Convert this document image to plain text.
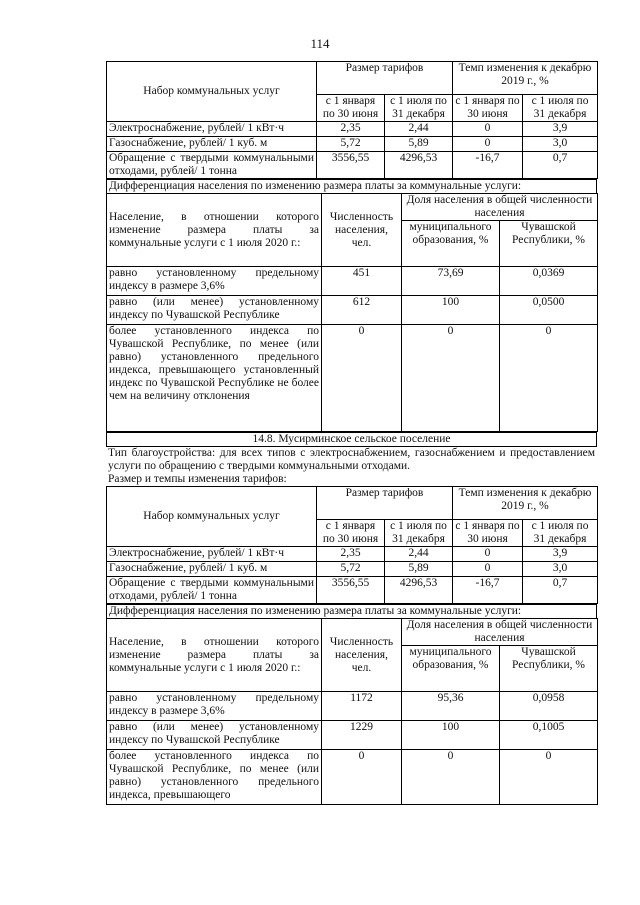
114
Набор коммунальных услуг	Размер тарифов		Темп изменения к декабрю 2019 г., %	
	с 1 января по 30 июня	с 1 июля по 31 декабря	с 1 января по 30 июня	с 1 июля по 31 декабря
Электроснабжение, рублей/ 1 кВт·ч	2,35	2,44	0	3,9
Газоснабжение, рублей/ 1 куб. м	5,72	5,89	0	3,0
Обращение с твердыми коммунальными отходами, рублей/ 1 тонна	3556,55	4296,53	-16,7	0,7
Дифференциация населения по изменению размера платы за коммунальные услуги:
Население, в отношении которого изменение размера платы за коммунальные услуги с 1 июля 2020 г.:	Численность населения, чел.	Доля населения в общей численности населения	
		муниципального образования, %	Чувашской Республики, %
равно установленному предельному индексу в размере 3,6%	451	73,69	0,0369
равно (или менее) установленному индексу по Чувашской Республике	612	100	0,0500
более установленного индекса по Чувашской Республике, по менее (или равно) установленного предельного индекса, превышающего установленный индекс по Чувашской Республике не более чем на величину отклонения	0	0	0
14.8. Мусирминское сельское поселение
Тип благоустройства: для всех типов с электроснабжением, газоснабжением и предоставлением услуги по обращению с твердыми коммунальными отходами.
Размер и темпы изменения тарифов:
Набор коммунальных услуг	Размер тарифов		Темп изменения к декабрю 2019 г., %	
	с 1 января по 30 июня	с 1 июля по 31 декабря	с 1 января по 30 июня	с 1 июля по 31 декабря
Электроснабжение, рублей/ 1 кВт·ч	2,35	2,44	0	3,9
Газоснабжение, рублей/ 1 куб. м	5,72	5,89	0	3,0
Обращение с твердыми коммунальными отходами, рублей/ 1 тонна	3556,55	4296,53	-16,7	0,7
Дифференциация населения по изменению размера платы за коммунальные услуги:
Население, в отношении которого изменение размера платы за коммунальные услуги с 1 июля 2020 г.:	Численность населения, чел.	Доля населения в общей численности населения	
		муниципального образования, %	Чувашской Республики, %
равно установленному предельному индексу в размере 3,6%	1172	95,36	0,0958
равно (или менее) установленному индексу по Чувашской Республике	1229	100	0,1005
более установленного индекса по Чувашской Республике, по менее (или равно) установленного предельного индекса, превышающего	0	0	0
